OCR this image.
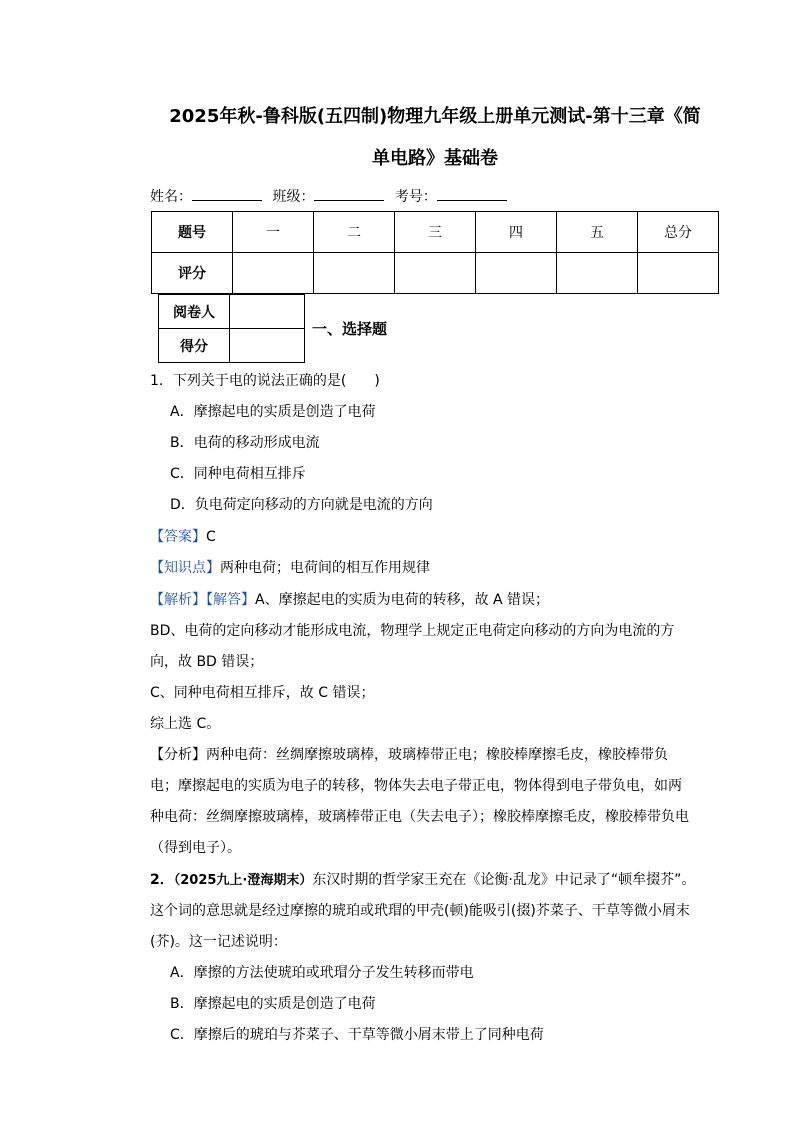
2025年秋-鲁科版(五四制)物理九年级上册单元测试-第十三章《简
单电路》基础卷
姓名：	班级：	考号：
题号	一	二	三	四	五	总分
评分						
阅卷人	
得分	
一、选择题
1．下列关于电的说法正确的是(　　)
A．摩擦起电的实质是创造了电荷
B．电荷的移动形成电流
C．同种电荷相互排斥
D．负电荷定向移动的方向就是电流的方向
【答案】C
【知识点】两种电荷；电荷间的相互作用规律
【解析】【解答】A、摩擦起电的实质为电荷的转移，故 A 错误；
BD、电荷的定向移动才能形成电流，物理学上规定正电荷定向移动的方向为电流的方
向，故 BD 错误；
C、同种电荷相互排斥，故 C 错误；
综上选 C。
【分析】两种电荷：丝绸摩擦玻璃棒，玻璃棒带正电；橡胶棒摩擦毛皮，橡胶棒带负
电；摩擦起电的实质为电子的转移，物体失去电子带正电，物体得到电子带负电，如两
种电荷：丝绸摩擦玻璃棒，玻璃棒带正电（失去电子）；橡胶棒摩擦毛皮，橡胶棒带负电
（得到电子）。
2．（2025九上·澄海期末）东汉时期的哲学家王充在《论衡·乱龙》中记录了“顿牟掇芥”。
这个词的意思就是经过摩擦的琥珀或玳瑁的甲壳(顿)能吸引(掇)芥菜子、干草等微小屑末
(芥)。这一记述说明：
A．摩擦的方法使琥珀或玳瑁分子发生转移而带电
B．摩擦起电的实质是创造了电荷
C．摩擦后的琥珀与芥菜子、干草等微小屑末带上了同种电荷
